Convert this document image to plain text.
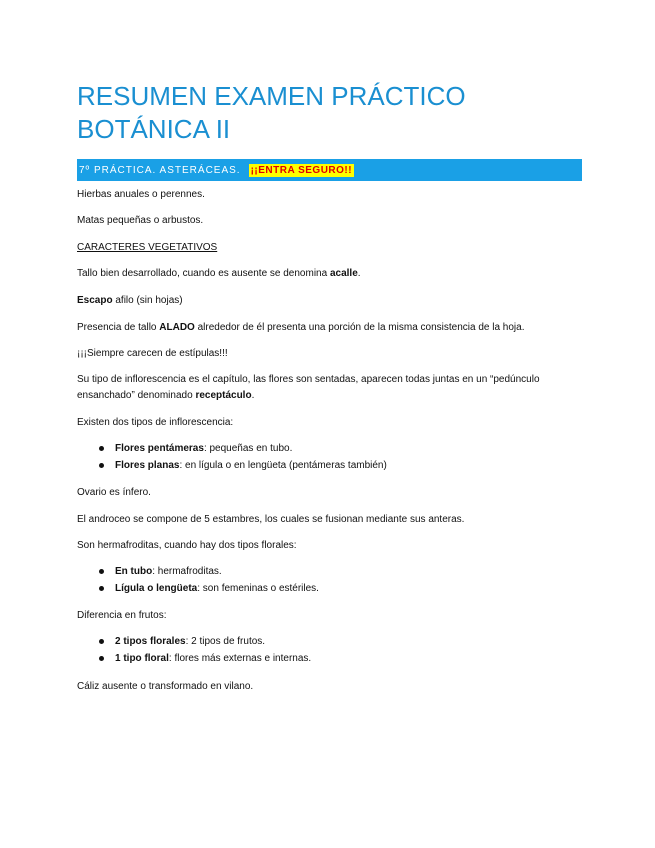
RESUMEN EXAMEN PRÁCTICO
BOTÁNICA II
7º PRÁCTICA. ASTERÁCEAS. ¡¡ENTRA SEGURO!!
Hierbas anuales o perennes.
Matas pequeñas o arbustos.
CARACTERES VEGETATIVOS
Tallo bien desarrollado, cuando es ausente se denomina acalle.
Escapo afilo (sin hojas)
Presencia de tallo ALADO alrededor de él presenta una porción de la misma consistencia de la hoja.
¡¡¡Siempre carecen de estípulas!!!
Su tipo de inflorescencia es el capítulo, las flores son sentadas, aparecen todas juntas en un “pedúnculo ensanchado” denominado receptáculo.
Existen dos tipos de inflorescencia:
Flores pentámeras: pequeñas en tubo.
Flores planas: en lígula o en lengüeta (pentámeras también)
Ovario es ínfero.
El androceo se compone de 5 estambres, los cuales se fusionan mediante sus anteras.
Son hermafroditas, cuando hay dos tipos florales:
En tubo: hermafroditas.
Lígula o lengüeta: son femeninas o estériles.
Diferencia en frutos:
2 tipos florales: 2 tipos de frutos.
1 tipo floral: flores más externas e internas.
Cáliz ausente o transformado en vilano.
